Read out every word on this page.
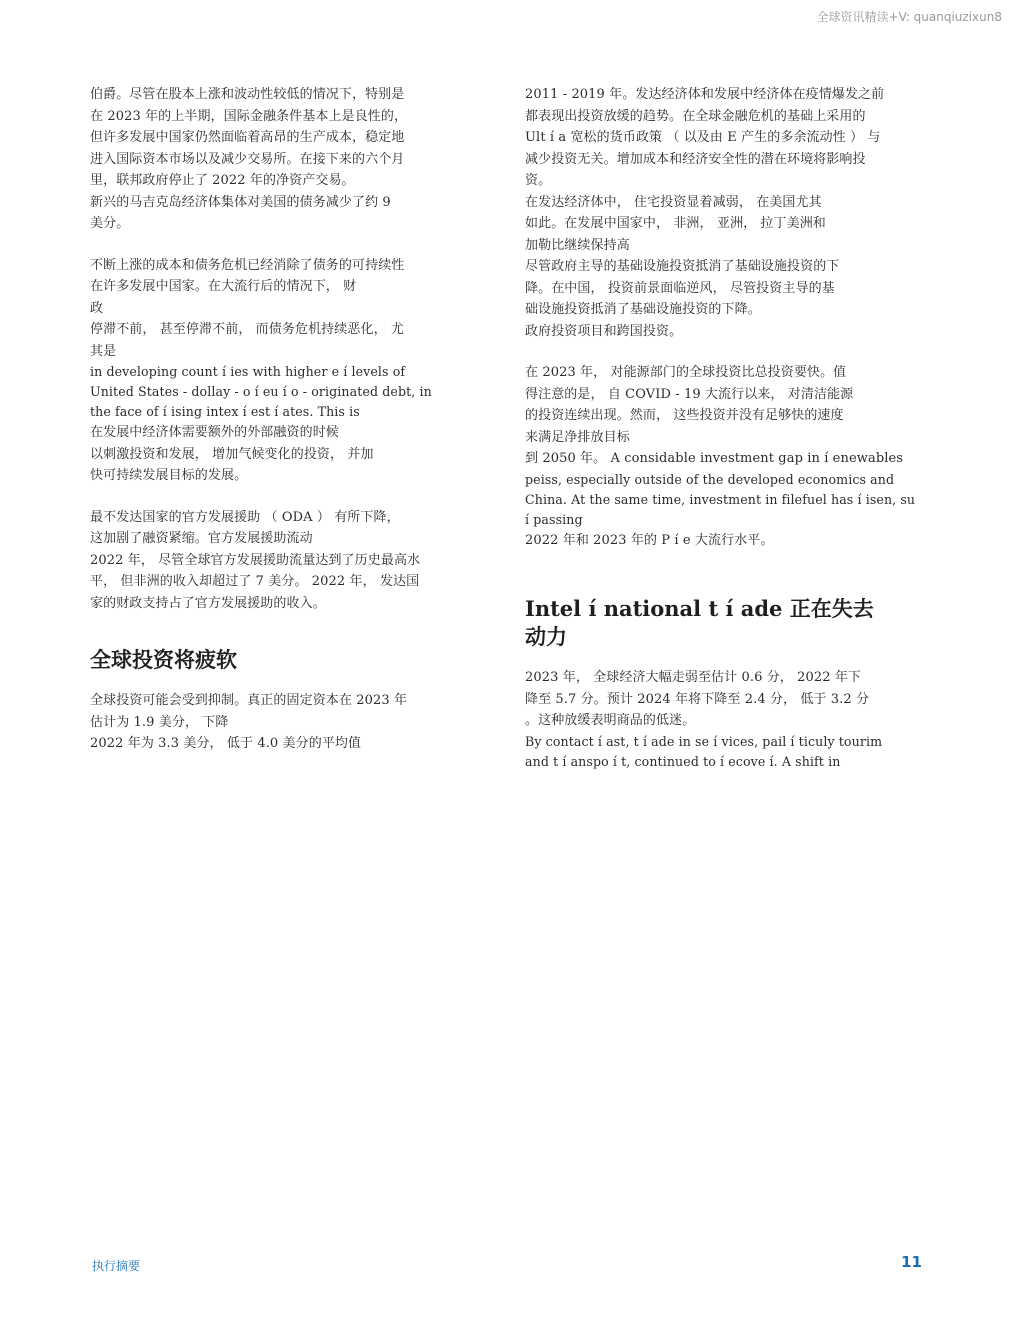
全球资讯精读+V: quanqiuzixun8
伯爵。尽管在股本上涨和波动性较低的情况下，特别是
在 2023 年的上半期，国际金融条件基本上是良性的，
但许多发展中国家仍然面临着高昂的生产成本，稳定地
进入国际资本市场以及减少交易所。在接下来的六个月
里，联邦政府停止了 2022 年的净资产交易。
新兴的马吉克岛经济体集体对美国的债务减少了约 9
美分。
不断上涨的成本和债务危机已经消除了债务的可持续性
在许多发展中国家。在大流行后的情况下， 财
政
停滞不前， 甚至停滞不前， 而债务危机持续恶化， 尤
其是
in developing count í ies with higher e í levels of
United States - dollay - o í eu í o - originated debt, in
the face of í ising intex í est í ates. This is
在发展中经济体需要额外的外部融资的时候
以刺激投资和发展， 增加气候变化的投资， 并加
快可持续发展目标的发展。
最不发达国家的官方发展援助 （ ODA ） 有所下降，
这加剧了融资紧缩。官方发展援助流动
2022 年， 尽管全球官方发展援助流量达到了历史最高水
平， 但非洲的收入却超过了 7 美分。 2022 年， 发达国
家的财政支持占了官方发展援助的收入。
全球投资将疲软
全球投资可能会受到抑制。真正的固定资本在 2023 年
估计为 1.9 美分， 下降
2022 年为 3.3 美分， 低于 4.0 美分的平均值
2011 - 2019 年。发达经济体和发展中经济体在疫情爆发之前
都表现出投资放缓的趋势。在全球金融危机的基础上采用的
Ult í a 宽松的货币政策 （ 以及由 E 产生的多余流动性 ） 与
减少投资无关。增加成本和经济安全性的潜在环境将影响投
资。
在发达经济体中， 住宅投资显着减弱， 在美国尤其
如此。在发展中国家中， 非洲， 亚洲， 拉丁美洲和
加勒比继续保持高
尽管政府主导的基础设施投资抵消了基础设施投资的下
降。在中国， 投资前景面临逆风， 尽管投资主导的基
础设施投资抵消了基础设施投资的下降。
政府投资项目和跨国投资。
在 2023 年， 对能源部门的全球投资比总投资要快。值
得注意的是， 自 COVID - 19 大流行以来， 对清洁能源
的投资连续出现。然而， 这些投资并没有足够快的速度
来满足净排放目标
到 2050 年。 A considable investment gap in í enewables
peiss, especially outside of the developed economics and
China. At the same time, investment in filefuel has í isen, su
í passing
2022 年和 2023 年的 P í e 大流行水平。
Intel í national t í ade 正在失去
动力
2023 年， 全球经济大幅走弱至估计 0.6 分， 2022 年下
降至 5.7 分。预计 2024 年将下降至 2.4 分， 低于 3.2 分
。这种放缓表明商品的低迷。
By contact í ast, t í ade in se í vices, pail í ticuly tourim
and t í anspo í t, continued to í ecove í. A shift in
执行摘要	11
